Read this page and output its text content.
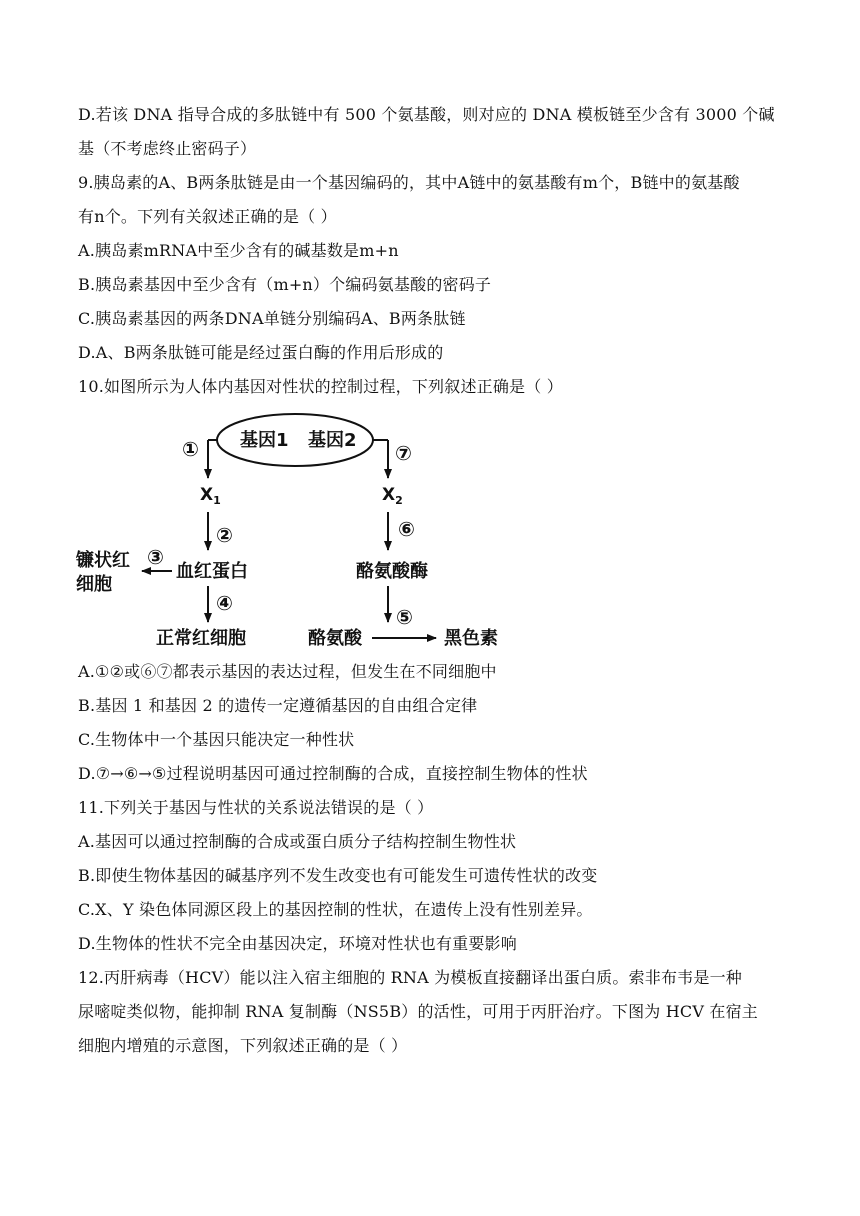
D.若该 DNA 指导合成的多肽链中有 500 个氨基酸，则对应的 DNA 模板链至少含有 3000 个碱
基（不考虑终止密码子）
9.胰岛素的A、B两条肽链是由一个基因编码的，其中A链中的氨基酸有m个，B链中的氨基酸
有n个。下列有关叙述正确的是（ ）
A.胰岛素mRNA中至少含有的碱基数是m+n
B.胰岛素基因中至少含有（m+n）个编码氨基酸的密码子
C.胰岛素基因的两条DNA单链分别编码A、B两条肽链
D.A、B两条肽链可能是经过蛋白酶的作用后形成的
10.如图所示为人体内基因对性状的控制过程，下列叙述正确是（ ）
基因1 基因2
①	⑦
$X_1$	$X_2$
②	⑥
血红蛋白
③
镰状红
细胞
酪氨酸酶
④
⑤
正常红细胞	酪氨酸	黑色素
A.①②或⑥⑦都表示基因的表达过程，但发生在不同细胞中
B.基因 1 和基因 2 的遗传一定遵循基因的自由组合定律
C.生物体中一个基因只能决定一种性状
D.⑦→⑥→⑤过程说明基因可通过控制酶的合成，直接控制生物体的性状
11.下列关于基因与性状的关系说法错误的是（ ）
A.基因可以通过控制酶的合成或蛋白质分子结构控制生物性状
B.即使生物体基因的碱基序列不发生改变也有可能发生可遗传性状的改变
C.X、Y 染色体同源区段上的基因控制的性状，在遗传上没有性别差异。
D.生物体的性状不完全由基因决定，环境对性状也有重要影响
12.丙肝病毒（HCV）能以注入宿主细胞的 RNA 为模板直接翻译出蛋白质。索非布韦是一种
尿嘧啶类似物，能抑制 RNA 复制酶（NS5B）的活性，可用于丙肝治疗。下图为 HCV 在宿主
细胞内增殖的示意图，下列叙述正确的是（ ）
